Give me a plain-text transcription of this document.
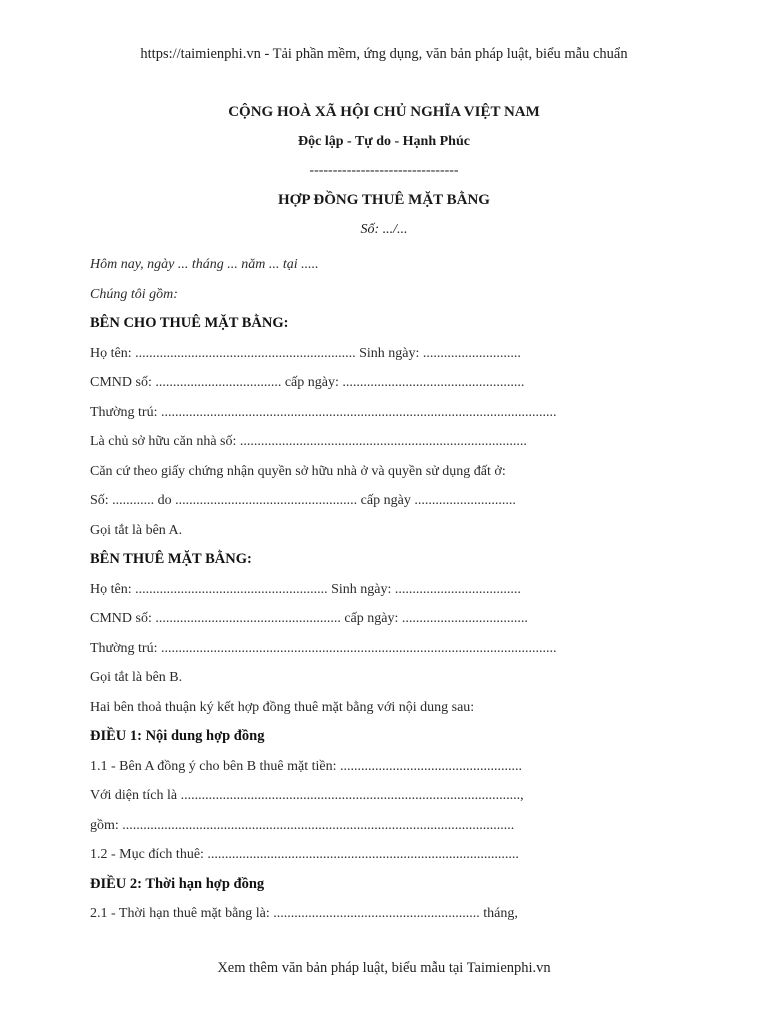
https://taimienphi.vn - Tải phần mềm, ứng dụng, văn bản pháp luật, biểu mẫu chuẩn
CỘNG HOÀ XÃ HỘI CHỦ NGHĨA VIỆT NAM
Độc lập - Tự do - Hạnh Phúc
--------------------------------
HỢP ĐỒNG THUÊ MẶT BẰNG
Số: .../...
Hôm nay, ngày ... tháng ... năm ... tại .....
Chúng tôi gồm:
BÊN CHO THUÊ MẶT BẰNG:
Họ tên: ............................................................... Sinh ngày: ............................
CMND số: .................................... cấp ngày: ....................................................
Thường trú: .................................................................................................................
Là chủ sở hữu căn nhà số: ..................................................................................
Căn cứ theo giấy chứng nhận quyền sở hữu nhà ở và quyền sử dụng đất ở:
Số: ............ do .................................................... cấp ngày .............................
Gọi tắt là bên A.
BÊN THUÊ MẶT BẰNG:
Họ tên: ....................................................... Sinh ngày: ....................................
CMND số: ..................................................... cấp ngày: ....................................
Thường trú: .................................................................................................................
Gọi tắt là bên B.
Hai bên thoả thuận ký kết hợp đồng thuê mặt bằng với nội dung sau:
ĐIỀU 1: Nội dung hợp đồng
1.1 - Bên A đồng ý cho bên B thuê mặt tiền: ....................................................
Với diện tích là .................................................................................................,
gồm: ................................................................................................................
1.2 - Mục đích thuê: .........................................................................................
ĐIỀU 2: Thời hạn hợp đồng
2.1 - Thời hạn thuê mặt bằng là: ........................................................... tháng,
Xem thêm văn bản pháp luật, biểu mẫu tại Taimienphi.vn
